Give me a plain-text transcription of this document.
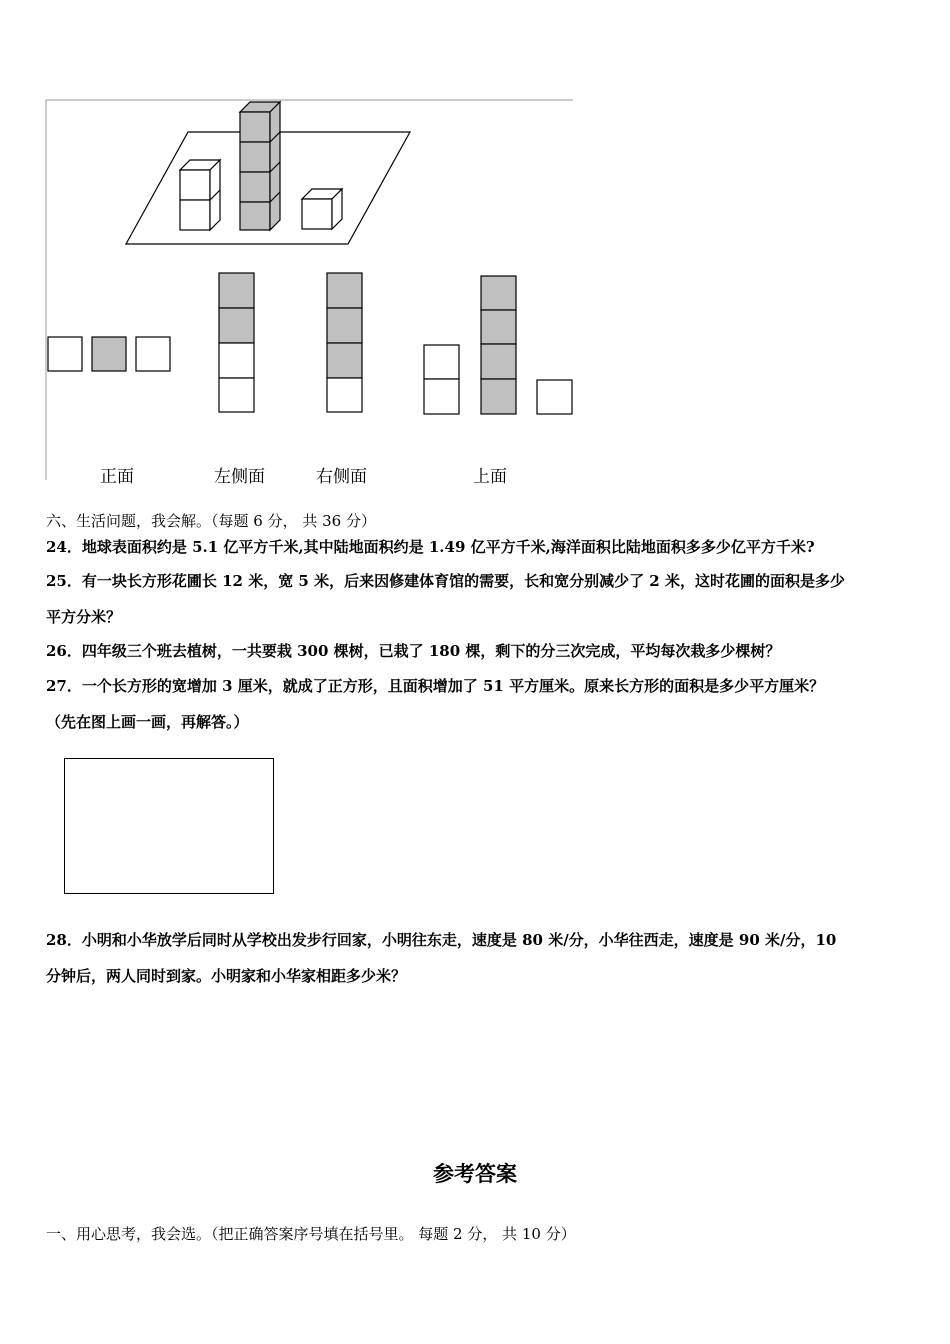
正面	左侧面	右侧面	上面
六、生活问题，我会解。（每题 6 分， 共 36 分）
24．地球表面积约是 5.1 亿平方千米,其中陆地面积约是 1.49 亿平方千米,海洋面积比陆地面积多多少亿平方千米?
25．有一块长方形花圃长 12 米，宽 5 米，后来因修建体育馆的需要，长和宽分别减少了 2 米，这时花圃的面积是多少
平方分米？
26．四年级三个班去植树，一共要栽 300 棵树，已栽了 180 棵，剩下的分三次完成，平均每次栽多少棵树？
27．一个长方形的宽增加 3 厘米，就成了正方形，且面积增加了 51 平方厘米。原来长方形的面积是多少平方厘米？
（先在图上画一画，再解答。）
28．小明和小华放学后同时从学校出发步行回家，小明往东走，速度是 80 米/分，小华往西走，速度是 90 米/分，10
分钟后，两人同时到家。小明家和小华家相距多少米？
参考答案
一、用心思考，我会选。（把正确答案序号填在括号里。 每题 2 分， 共 10 分）
